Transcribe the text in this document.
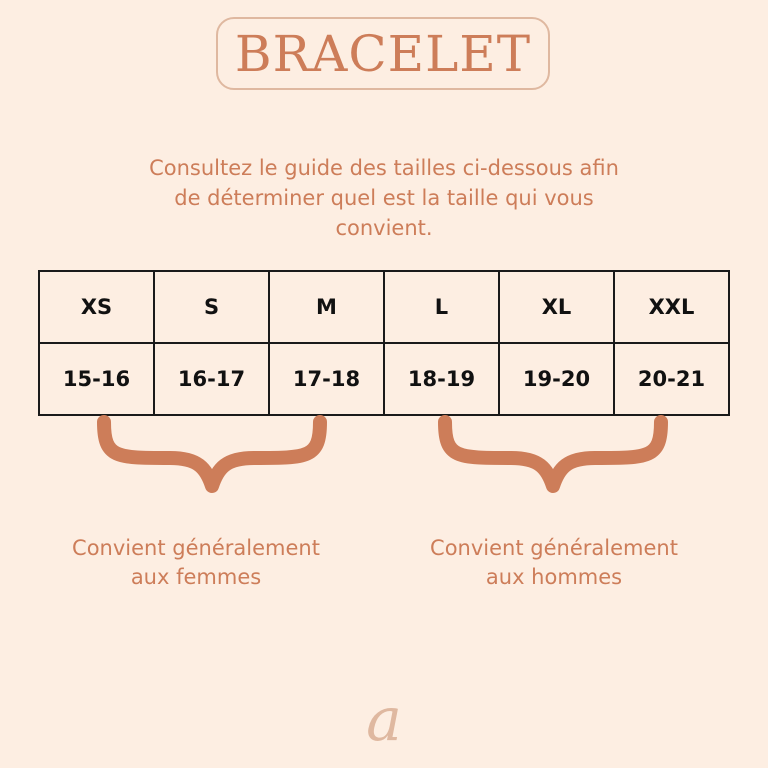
BRACELET
Consultez le guide des tailles ci-dessous afin
de déterminer quel est la taille qui vous
convient.
XS	S	M	L	XL	XXL
15-16	16-17	17-18	18-19	19-20	20-21
Convient généralement
aux femmes
Convient généralement
aux hommes
a
